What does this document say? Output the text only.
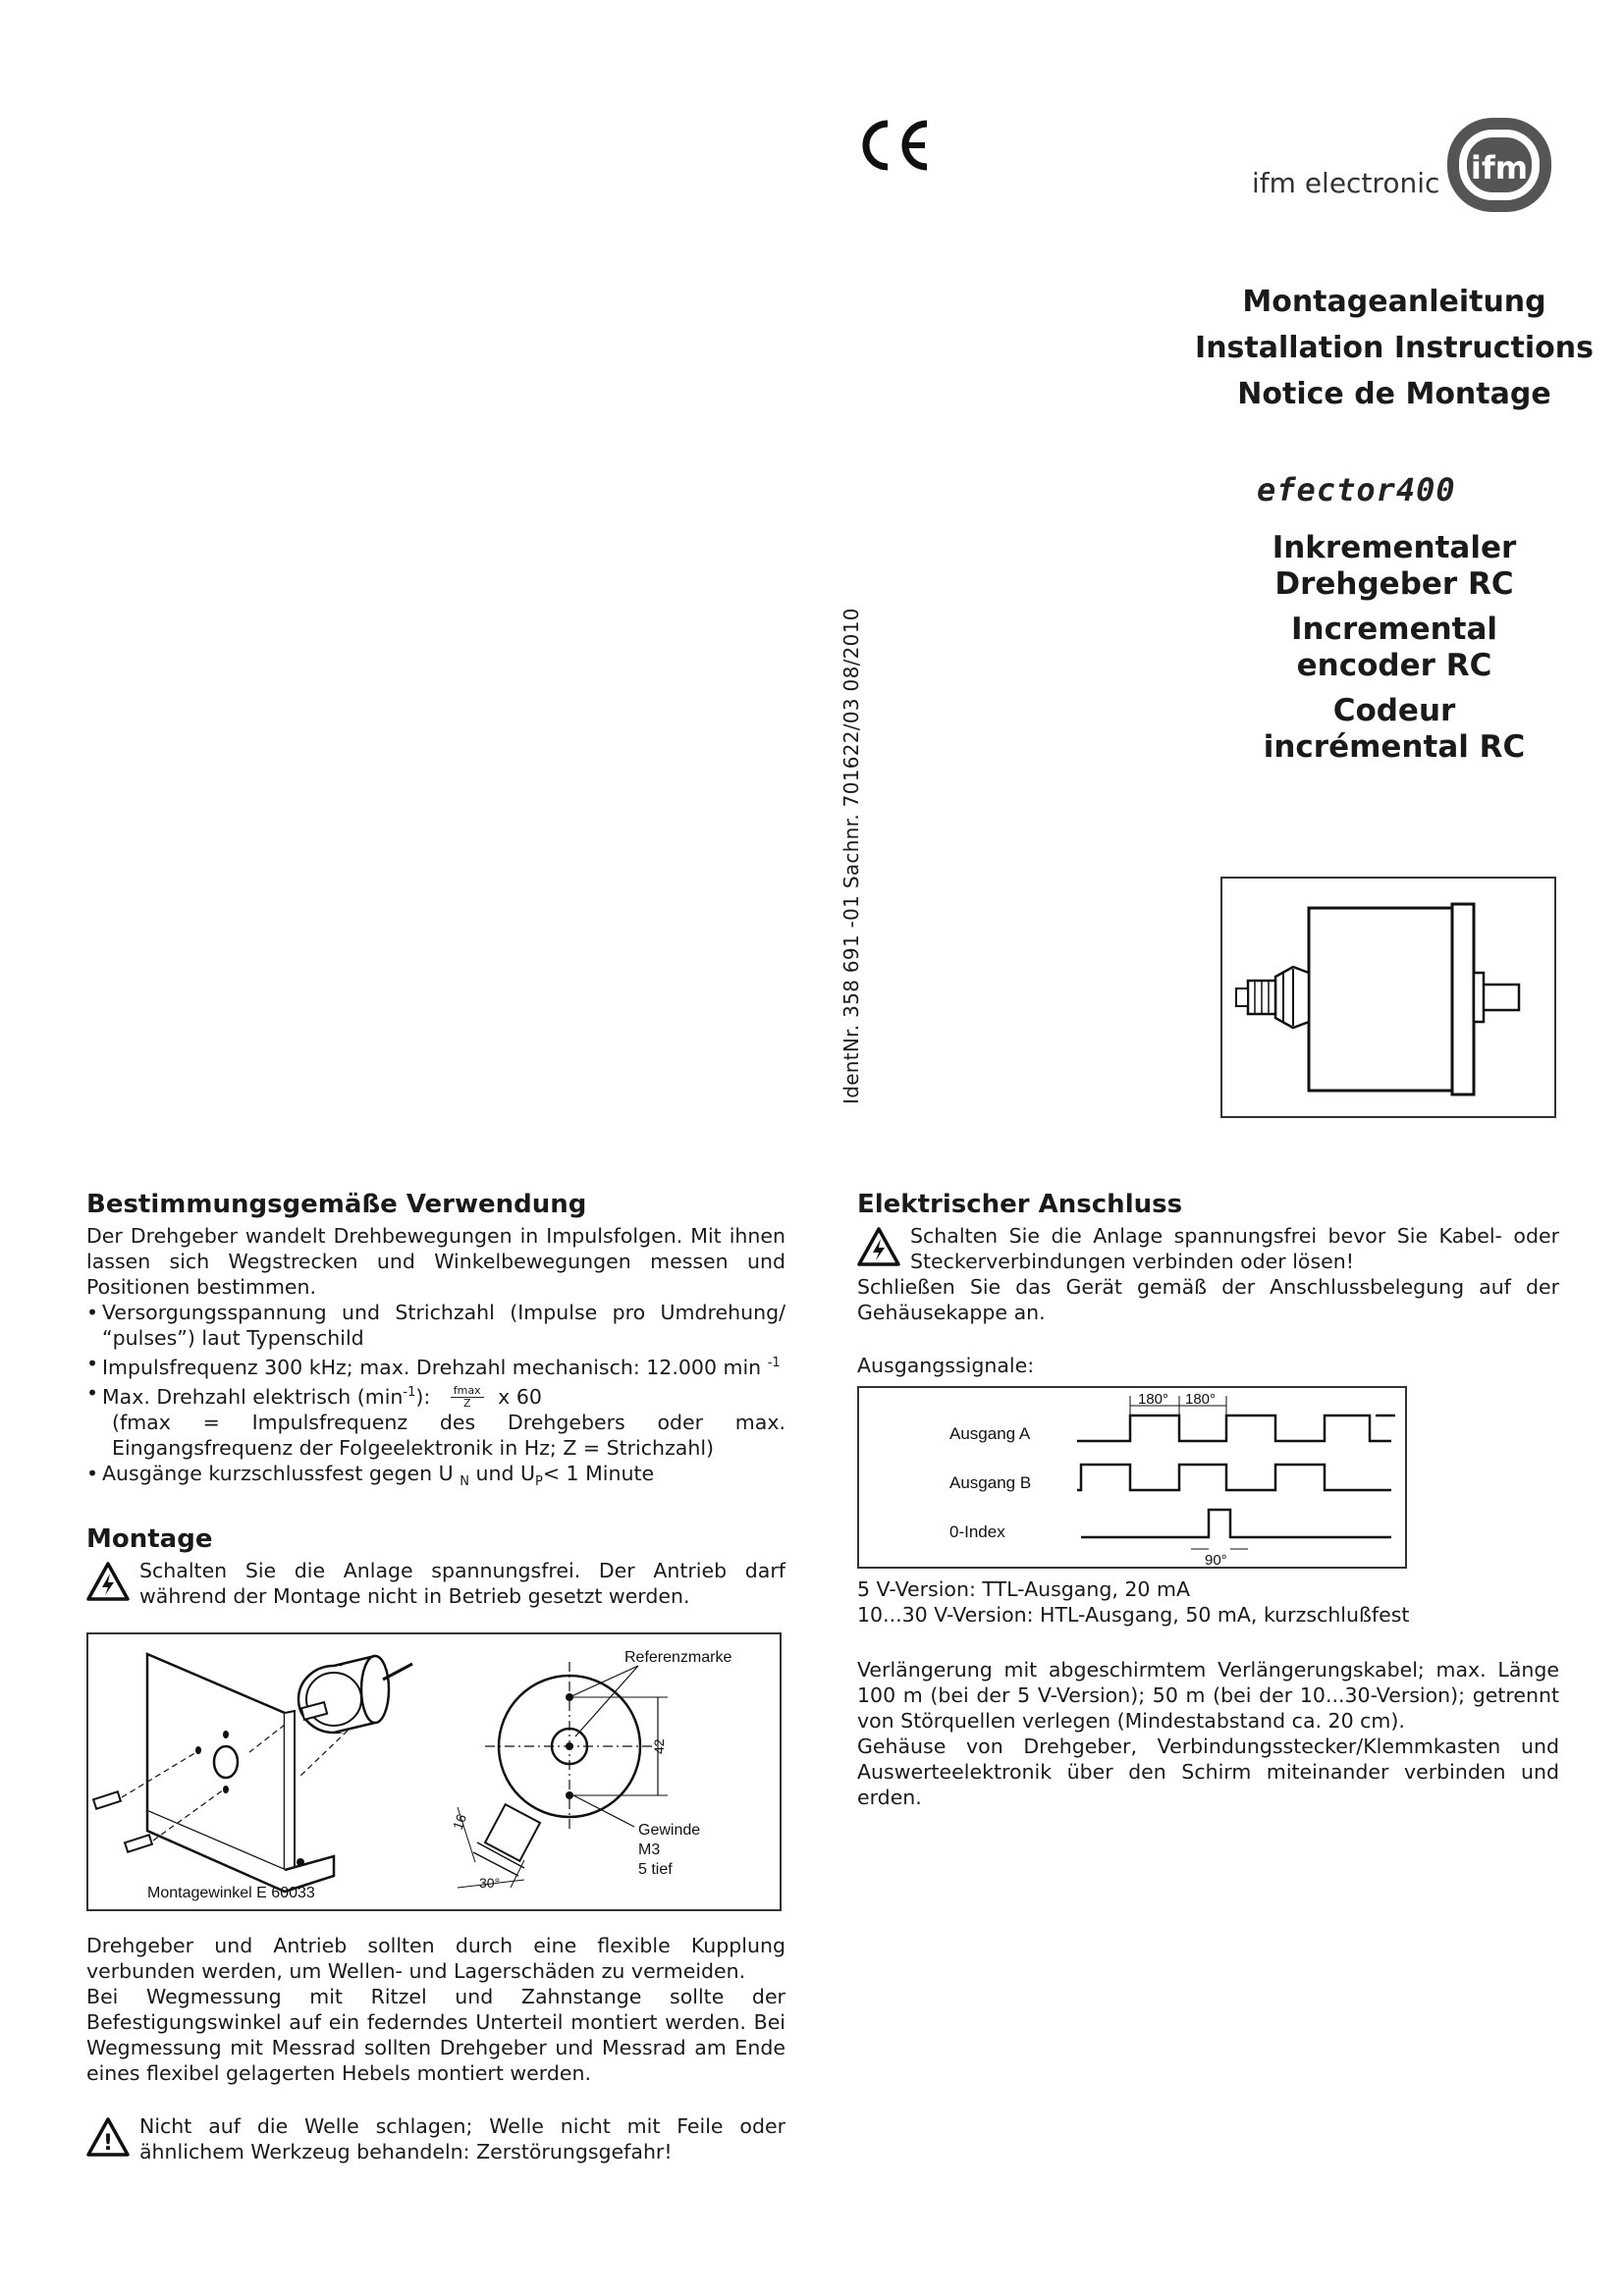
ifm electronic ifm
Montageanleitung
Installation Instructions
Notice de Montage
efector400
Inkrementaler
Drehgeber RC
Incremental
encoder RC
Codeur
incrémental RC
IdentNr. 358 691 -01 Sachnr. 701622/03 08/2010
Bestimmungsgemäße Verwendung

Der Drehgeber wandelt Drehbewegungen in Impulsfolgen. Mit ihnen lassen sich Wegstrecken und Winkelbewegungen messen und Positionen bestimmen.

• Versorgungsspannung und Strichzahl (Impulse pro Umdrehung/ “pulses”) laut Typenschild
• Impulsfrequenz 300 kHz; max. Drehzahl mechanisch: 12.000 min $^{-1}$
• Max. Drehzahl elektrisch $(\min^{-1})$: fmax
Z	x 60
(fmax = Impulsfrequenz des Drehgebers oder max. Eingangsfrequenz der Folgeelektronik in Hz; Z = Strichzahl)
• Ausgänge kurzschlussfest gegen U $_N$ und $U_P< 1$ Minute
Montage

Schalten Sie die Anlage spannungsfrei. Der Antrieb darf während der Montage nicht in Betrieb gesetzt werden.

Referenzmarke
Montagewinkel E 60033
Gewinde
M3
5 tief
42
16
30°

Drehgeber und Antrieb sollten durch eine flexible Kupplung verbunden werden, um Wellen- und Lagerschäden zu vermeiden.

Bei Wegmessung mit Ritzel und Zahnstange sollte der Befestigungswinkel auf ein federndes Unterteil montiert werden. Bei Wegmessung mit Messrad sollten Drehgeber und Messrad am Ende eines flexibel gelagerten Hebels montiert werden.

!

Nicht auf die Welle schlagen; Welle nicht mit Feile oder ähnlichem Werkzeug behandeln: Zerstörungsgefahr!

Elektrischer Anschluss

Schalten Sie die Anlage spannungsfrei bevor Sie Kabel- oder Steckerverbindungen verbinden oder lösen!

Schließen Sie das Gerät gemäß der Anschlussbelegung auf der Gehäusekappe an.

Ausgangssignale:

Ausgang A
Ausgang B
0-Index
180° 180°
90°

5 V-Version: TTL-Ausgang, 20 mA

10...30 V-Version: HTL-Ausgang, 50 mA, kurzschlußfest

Verlängerung mit abgeschirmtem Verlängerungskabel; max. Länge 100 m (bei der 5 V-Version); 50 m (bei der 10...30-Version); getrennt von Störquellen verlegen (Mindestabstand ca. 20 cm).

Gehäuse von Drehgeber, Verbindungsstecker/Klemmkasten und Auswerteelektronik über den Schirm miteinander verbinden und erden.
